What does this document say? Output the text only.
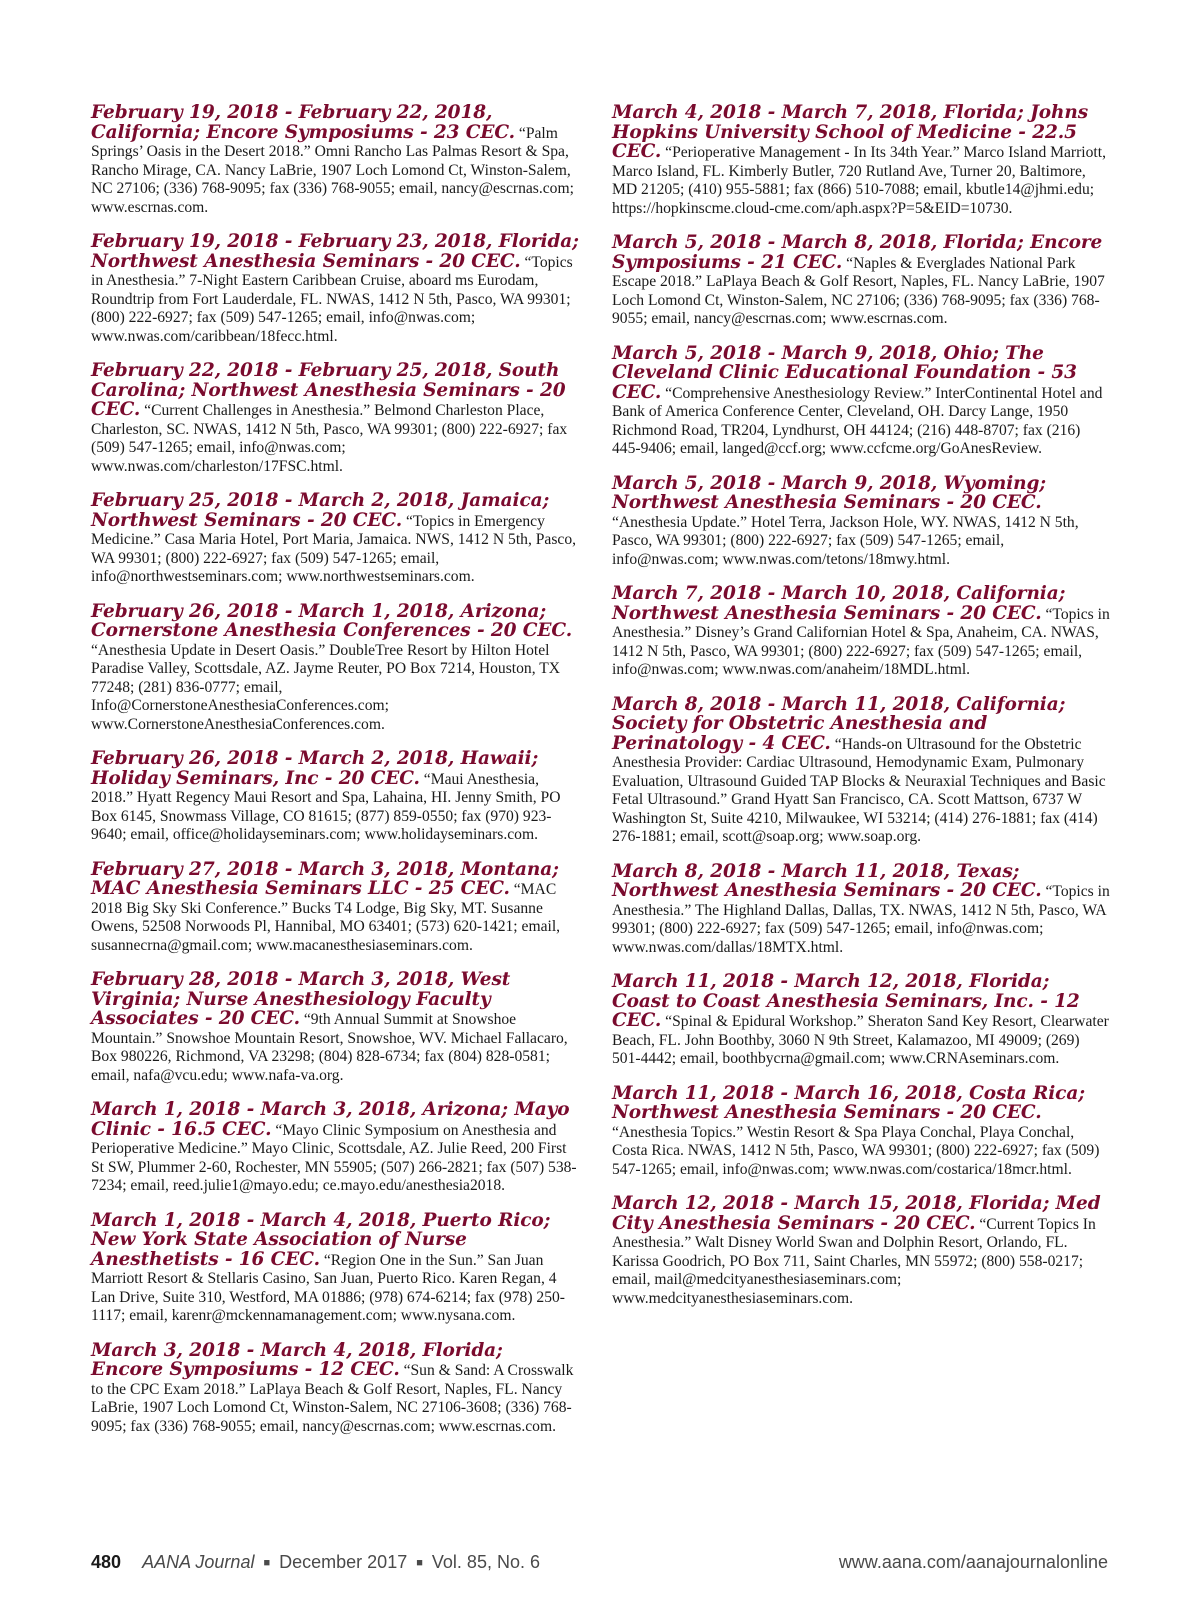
February 19, 2018 - February 22, 2018, California; Encore Symposiums - 23 CEC. “Palm Springs’ Oasis in the Desert 2018.” Omni Rancho Las Palmas Resort & Spa, Rancho Mirage, CA. Nancy LaBrie, 1907 Loch Lomond Ct, Winston-Salem, NC 27106; (336) 768-9095; fax (336) 768-9055; email, nancy@escrnas.com; www.escrnas.com.

February 19, 2018 - February 23, 2018, Florida; Northwest Anesthesia Seminars - 20 CEC. “Topics in Anesthesia.” 7-Night Eastern Caribbean Cruise, aboard ms Eurodam, Roundtrip from Fort Lauderdale, FL. NWAS, 1412 N 5th, Pasco, WA 99301; (800) 222-6927; fax (509) 547-1265; email, info@nwas.com; www.nwas.com/caribbean/18fecc.html.

February 22, 2018 - February 25, 2018, South Carolina; Northwest Anesthesia Seminars - 20 CEC. “Current Challenges in Anesthesia.” Belmond Charleston Place, Charleston, SC. NWAS, 1412 N 5th, Pasco, WA 99301; (800) 222-6927; fax (509) 547-1265; email, info@nwas.com; www.nwas.com/charleston/17FSC.html.

February 25, 2018 - March 2, 2018, Jamaica; Northwest Seminars - 20 CEC. “Topics in Emergency Medicine.” Casa Maria Hotel, Port Maria, Jamaica. NWS, 1412 N 5th, Pasco, WA 99301; (800) 222-6927; fax (509) 547-1265; email, info@northwestseminars.com; www.northwestseminars.com.

February 26, 2018 - March 1, 2018, Arizona; Cornerstone Anesthesia Conferences - 20 CEC. “Anesthesia Update in Desert Oasis.” DoubleTree Resort by Hilton Hotel Paradise Valley, Scottsdale, AZ. Jayme Reuter, PO Box 7214, Houston, TX 77248; (281) 836-0777; email, Info@CornerstoneAnesthesiaConferences.com; www.CornerstoneAnesthesiaConferences.com.

February 26, 2018 - March 2, 2018, Hawaii; Holiday Seminars, Inc - 20 CEC. “Maui Anesthesia, 2018.” Hyatt Regency Maui Resort and Spa, Lahaina, HI. Jenny Smith, PO Box 6145, Snowmass Village, CO 81615; (877) 859-0550; fax (970) 923-9640; email, office@holidayseminars.com; www.holidayseminars.com.

February 27, 2018 - March 3, 2018, Montana; MAC Anesthesia Seminars LLC - 25 CEC. “MAC 2018 Big Sky Ski Conference.” Bucks T4 Lodge, Big Sky, MT. Susanne Owens, 52508 Norwoods Pl, Hannibal, MO 63401; (573) 620-1421; email, susannecrna@gmail.com; www.macanesthesiaseminars.com.

February 28, 2018 - March 3, 2018, West Virginia; Nurse Anesthesiology Faculty Associates - 20 CEC. “9th Annual Summit at Snowshoe Mountain.” Snowshoe Mountain Resort, Snowshoe, WV. Michael Fallacaro, Box 980226, Richmond, VA 23298; (804) 828-6734; fax (804) 828-0581; email, nafa@vcu.edu; www.nafa-va.org.

March 1, 2018 - March 3, 2018, Arizona; Mayo Clinic - 16.5 CEC. “Mayo Clinic Symposium on Anesthesia and Perioperative Medicine.” Mayo Clinic, Scottsdale, AZ. Julie Reed, 200 First St SW, Plummer 2-60, Rochester, MN 55905; (507) 266-2821; fax (507) 538-7234; email, reed.julie1@mayo.edu; ce.mayo.edu/anesthesia2018.

March 1, 2018 - March 4, 2018, Puerto Rico; New York State Association of Nurse Anesthetists - 16 CEC. “Region One in the Sun.” San Juan Marriott Resort & Stellaris Casino, San Juan, Puerto Rico. Karen Regan, 4 Lan Drive, Suite 310, Westford, MA 01886; (978) 674-6214; fax (978) 250-1117; email, karenr@mckennamanagement.com; www.nysana.com.

March 3, 2018 - March 4, 2018, Florida; Encore Symposiums - 12 CEC. “Sun & Sand: A Crosswalk to the CPC Exam 2018.” LaPlaya Beach & Golf Resort, Naples, FL. Nancy LaBrie, 1907 Loch Lomond Ct, Winston-Salem, NC 27106-3608; (336) 768-9095; fax (336) 768-9055; email, nancy@escrnas.com; www.escrnas.com.

March 4, 2018 - March 7, 2018, Florida; Johns Hopkins University School of Medicine - 22.5 CEC. “Perioperative Management - In Its 34th Year.” Marco Island Marriott, Marco Island, FL. Kimberly Butler, 720 Rutland Ave, Turner 20, Baltimore, MD 21205; (410) 955-5881; fax (866) 510-7088; email, kbutle14@jhmi.edu; https://hopkinscme.cloud-cme.com/aph.aspx?P=5&EID=10730.

March 5, 2018 - March 8, 2018, Florida; Encore Symposiums - 21 CEC. “Naples & Everglades National Park Escape 2018.” LaPlaya Beach & Golf Resort, Naples, FL. Nancy LaBrie, 1907 Loch Lomond Ct, Winston-Salem, NC 27106; (336) 768-9095; fax (336) 768-9055; email, nancy@escrnas.com; www.escrnas.com.

March 5, 2018 - March 9, 2018, Ohio; The Cleveland Clinic Educational Foundation - 53 CEC. “Comprehensive Anesthesiology Review.” InterContinental Hotel and Bank of America Conference Center, Cleveland, OH. Darcy Lange, 1950 Richmond Road, TR204, Lyndhurst, OH 44124; (216) 448-8707; fax (216) 445-9406; email, langed@ccf.org; www.ccfcme.org/GoAnesReview.

March 5, 2018 - March 9, 2018, Wyoming; Northwest Anesthesia Seminars - 20 CEC. “Anesthesia Update.” Hotel Terra, Jackson Hole, WY. NWAS, 1412 N 5th, Pasco, WA 99301; (800) 222-6927; fax (509) 547-1265; email, info@nwas.com; www.nwas.com/tetons/18mwy.html.

March 7, 2018 - March 10, 2018, California; Northwest Anesthesia Seminars - 20 CEC. “Topics in Anesthesia.” Disney’s Grand Californian Hotel & Spa, Anaheim, CA. NWAS, 1412 N 5th, Pasco, WA 99301; (800) 222-6927; fax (509) 547-1265; email, info@nwas.com; www.nwas.com/anaheim/18MDL.html.

March 8, 2018 - March 11, 2018, California; Society for Obstetric Anesthesia and Perinatology - 4 CEC. “Hands-on Ultrasound for the Obstetric Anesthesia Provider: Cardiac Ultrasound, Hemodynamic Exam, Pulmonary Evaluation, Ultrasound Guided TAP Blocks & Neuraxial Techniques and Basic Fetal Ultrasound.” Grand Hyatt San Francisco, CA. Scott Mattson, 6737 W Washington St, Suite 4210, Milwaukee, WI 53214; (414) 276-1881; fax (414) 276-1881; email, scott@soap.org; www.soap.org.

March 8, 2018 - March 11, 2018, Texas; Northwest Anesthesia Seminars - 20 CEC. “Topics in Anesthesia.” The Highland Dallas, Dallas, TX. NWAS, 1412 N 5th, Pasco, WA 99301; (800) 222-6927; fax (509) 547-1265; email, info@nwas.com; www.nwas.com/dallas/18MTX.html.

March 11, 2018 - March 12, 2018, Florida; Coast to Coast Anesthesia Seminars, Inc. - 12 CEC. “Spinal & Epidural Workshop.” Sheraton Sand Key Resort, Clearwater Beach, FL. John Boothby, 3060 N 9th Street, Kalamazoo, MI 49009; (269) 501-4442; email, boothbycrna@gmail.com; www.CRNAseminars.com.

March 11, 2018 - March 16, 2018, Costa Rica; Northwest Anesthesia Seminars - 20 CEC. “Anesthesia Topics.” Westin Resort & Spa Playa Conchal, Playa Conchal, Costa Rica. NWAS, 1412 N 5th, Pasco, WA 99301; (800) 222-6927; fax (509) 547-1265; email, info@nwas.com; www.nwas.com/costarica/18mcr.html.

March 12, 2018 - March 15, 2018, Florida; Med City Anesthesia Seminars - 20 CEC. “Current Topics In Anesthesia.” Walt Disney World Swan and Dolphin Resort, Orlando, FL. Karissa Goodrich, PO Box 711, Saint Charles, MN 55972; (800) 558-0217; email, mail@medcityanesthesiaseminars.com; www.medcityanesthesiaseminars.com.

480 AANA Journal ■ December 2017 ■ Vol. 85, No. 6	www.aana.com/aanajournalonline
